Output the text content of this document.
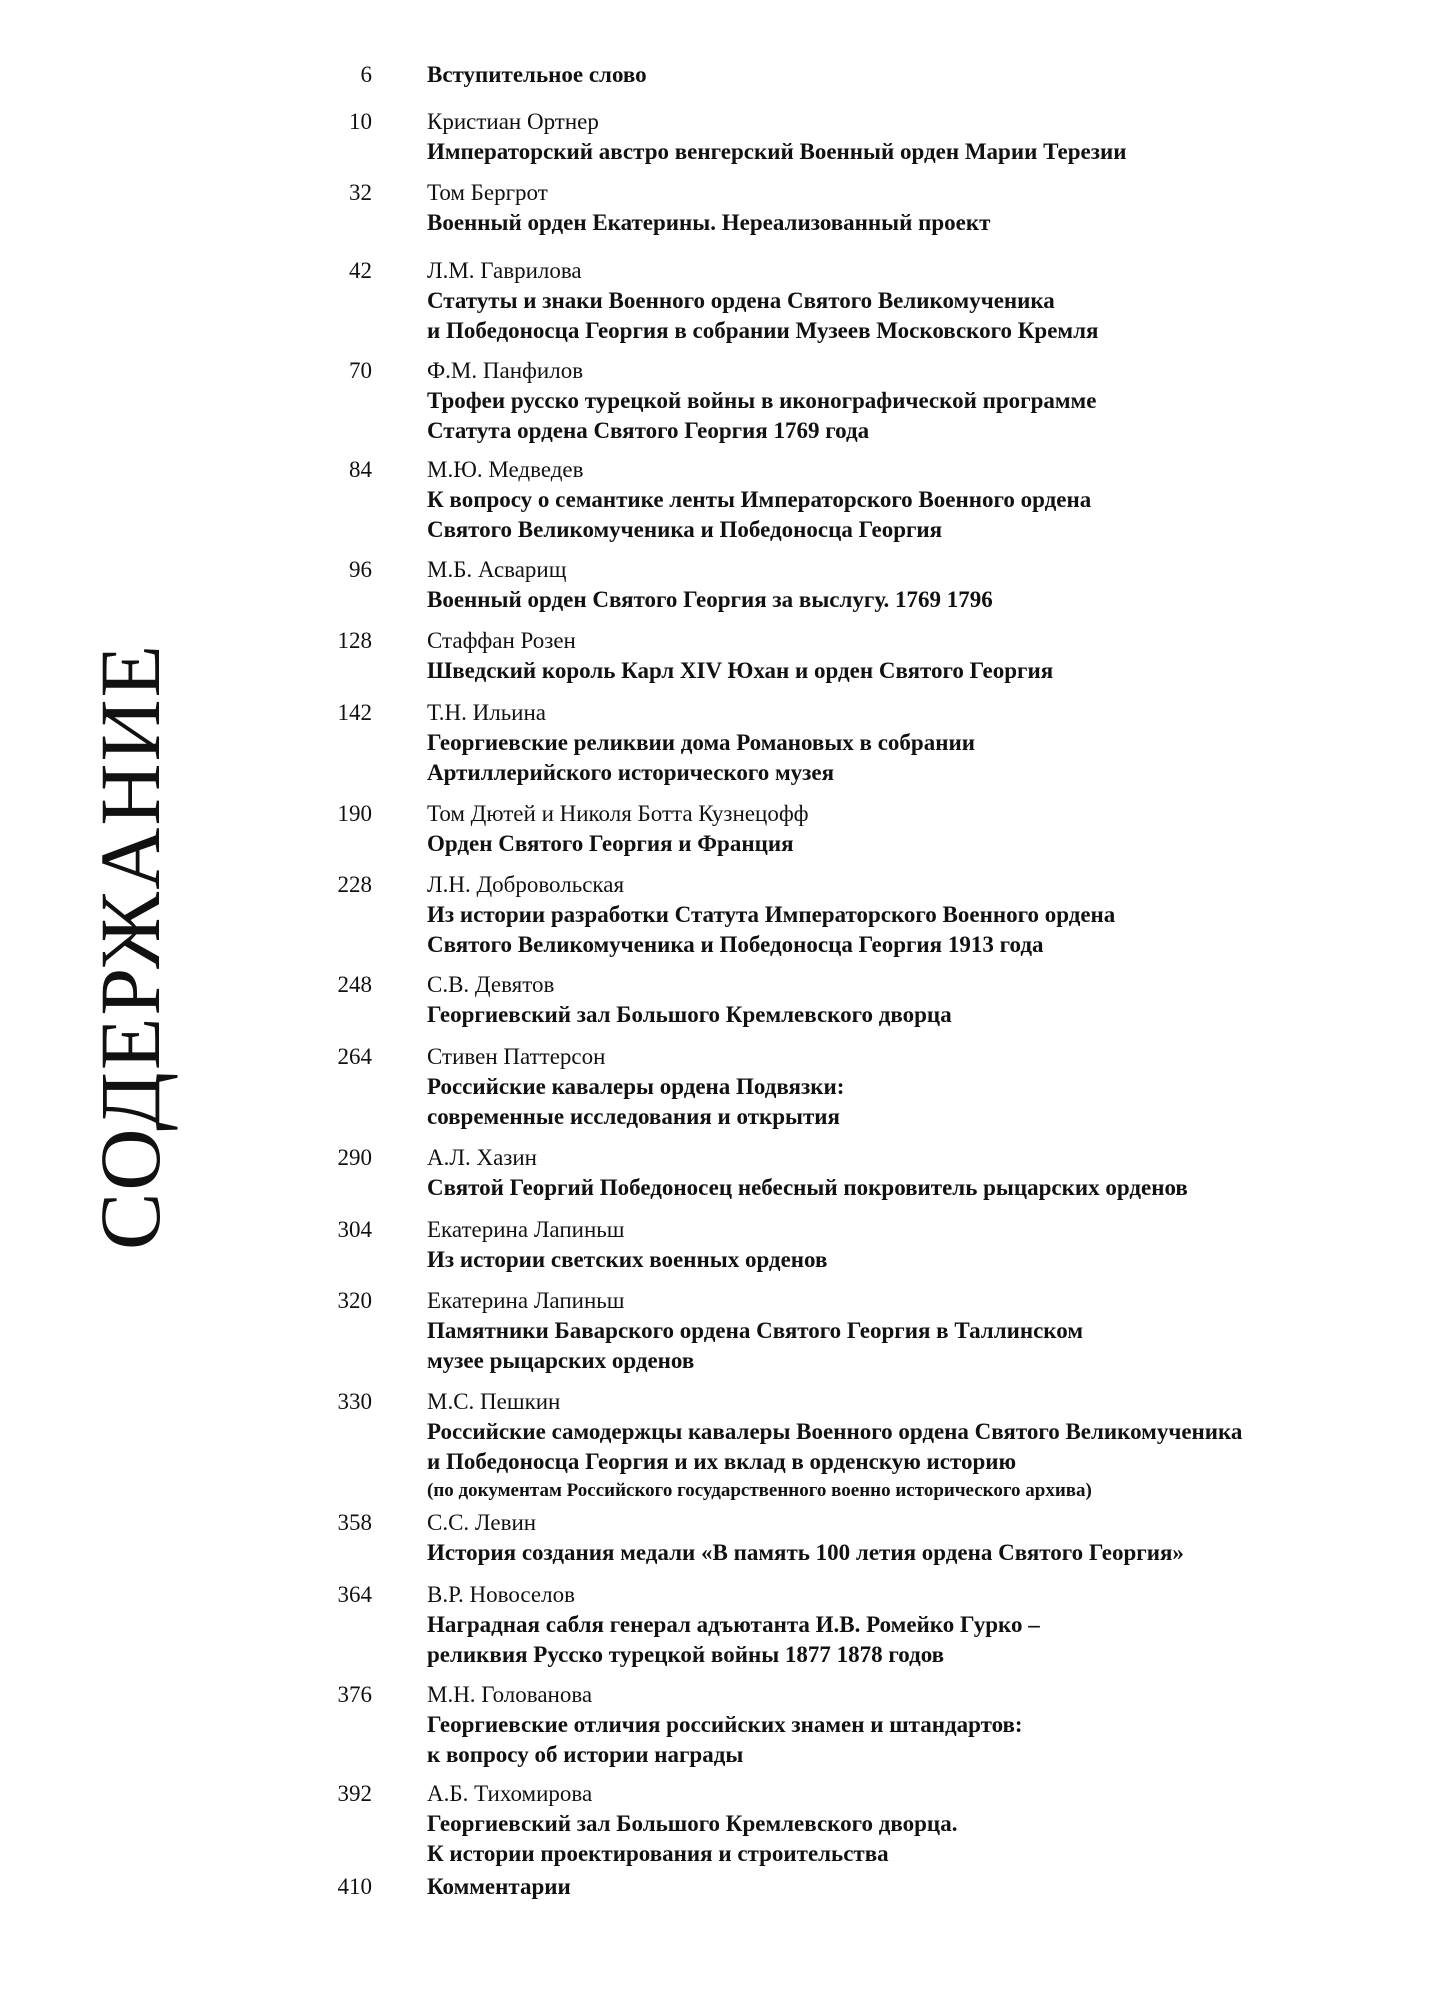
СОДЕРЖАНИЕ
6 Вступительное слово
10 Кристиан Ортнер
Императорский австро венгерский Военный орден Марии Терезии
32 Том Бергрот
Военный орден Екатерины. Нереализованный проект
42 Л.М. Гаврилова
Статуты и знаки Военного ордена Святого Великомученика
и Победоносца Георгия в собрании Музеев Московского Кремля
70 Ф.М. Панфилов
Трофеи русско турецкой войны в иконографической программе
Статута ордена Святого Георгия 1769 года
84 М.Ю. Медведев
К вопросу о семантике ленты Императорского Военного ордена
Святого Великомученика и Победоносца Георгия
96 М.Б. Асварищ
Военный орден Святого Георгия за выслугу. 1769 1796
128 Стаффан Розен
Шведский король Карл XIV Юхан и орден Святого Георгия
142 Т.Н. Ильина
Георгиевские реликвии дома Романовых в собрании
Артиллерийского исторического музея
190 Том Дютей и Николя Ботта Кузнецофф
Орден Святого Георгия и Франция
228 Л.Н. Добровольская
Из истории разработки Статута Императорского Военного ордена
Святого Великомученика и Победоносца Георгия 1913 года
248 С.В. Девятов
Георгиевский зал Большого Кремлевского дворца
264 Стивен Паттерсон
Российские кавалеры ордена Подвязки:
современные исследования и открытия
290 А.Л. Хазин
Святой Георгий Победоносец небесный покровитель рыцарских орденов
304 Екатерина Лапиньш
Из истории светских военных орденов
320 Екатерина Лапиньш
Памятники Баварского ордена Святого Георгия в Таллинском
музее рыцарских орденов
330 М.С. Пешкин
Российские самодержцы кавалеры Военного ордена Святого Великомученика
и Победоносца Георгия и их вклад в орденскую историю
(по документам Российского государственного военно исторического архива)
358 С.С. Левин
История создания медали «В память 100 летия ордена Святого Георгия»
364 В.Р. Новоселов
Наградная сабля генерал адъютанта И.В. Ромейко Гурко –
реликвия Русско турецкой войны 1877 1878 годов
376 М.Н. Голованова
Георгиевские отличия российских знамен и штандартов:
к вопросу об истории награды
392 А.Б. Тихомирова
Георгиевский зал Большого Кремлевского дворца.
К истории проектирования и строительства
410 Комментарии
